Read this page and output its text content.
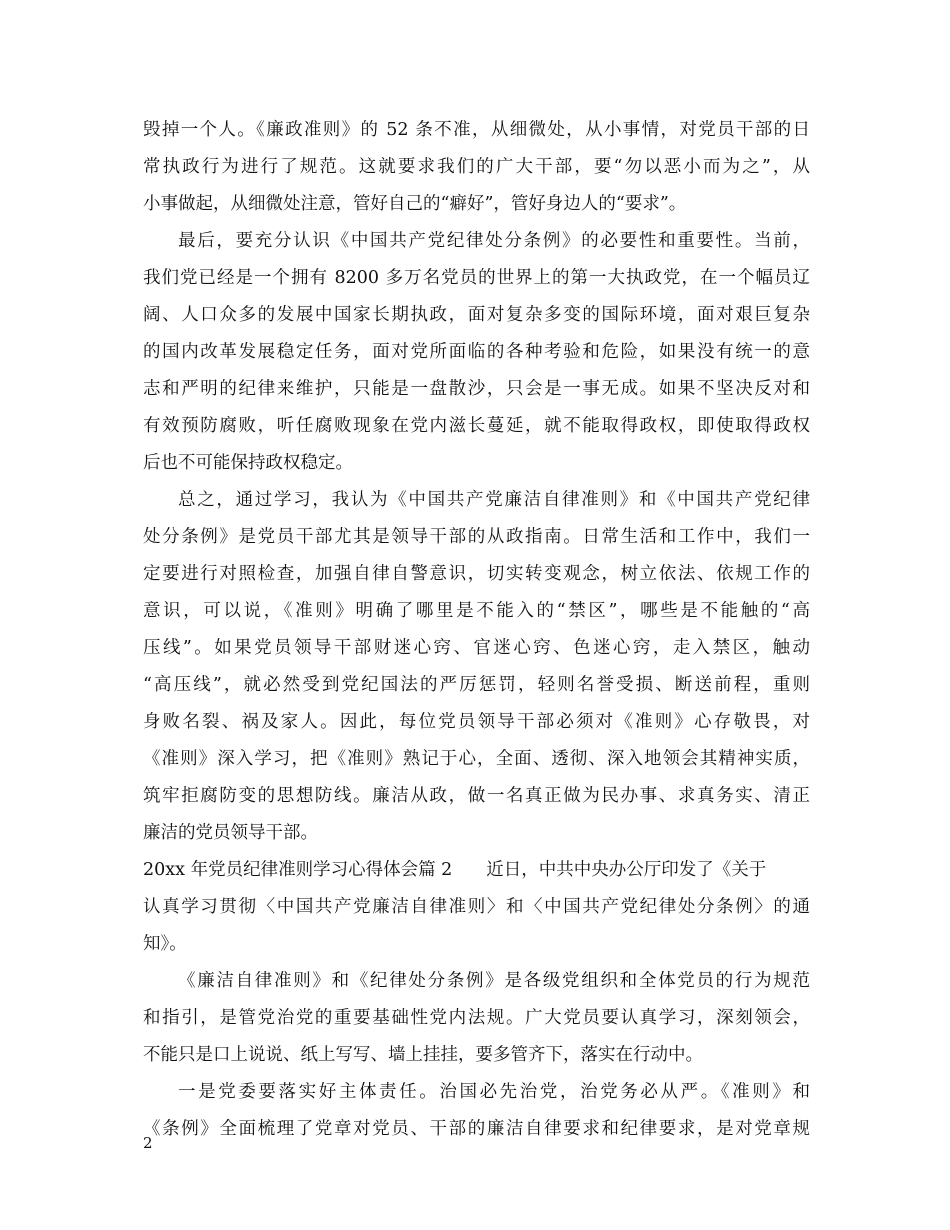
毁掉一个人。《廉政准则》的 52 条不准，从细微处，从小事情，对党员干部的日
常执政行为进行了规范。这就要求我们的广大干部，要“勿以恶小而为之”，从
小事做起，从细微处注意，管好自己的“癖好”，管好身边人的“要求”。
最后，要充分认识《中国共产党纪律处分条例》的必要性和重要性。当前，
我们党已经是一个拥有 8200 多万名党员的世界上的第一大执政党，在一个幅员辽
阔、人口众多的发展中国家长期执政，面对复杂多变的国际环境，面对艰巨复杂
的国内改革发展稳定任务，面对党所面临的各种考验和危险，如果没有统一的意
志和严明的纪律来维护，只能是一盘散沙，只会是一事无成。如果不坚决反对和
有效预防腐败，听任腐败现象在党内滋长蔓延，就不能取得政权，即使取得政权
后也不可能保持政权稳定。
总之，通过学习，我认为《中国共产党廉洁自律准则》和《中国共产党纪律
处分条例》是党员干部尤其是领导干部的从政指南。日常生活和工作中，我们一
定要进行对照检查，加强自律自警意识，切实转变观念，树立依法、依规工作的
意识，可以说，《准则》明确了哪里是不能入的“禁区”，哪些是不能触的“高
压线”。如果党员领导干部财迷心窍、官迷心窍、色迷心窍，走入禁区，触动
“高压线”，就必然受到党纪国法的严厉惩罚，轻则名誉受损、断送前程，重则
身败名裂、祸及家人。因此，每位党员领导干部必须对《准则》心存敬畏，对
《准则》深入学习，把《准则》熟记于心，全面、透彻、深入地领会其精神实质，
筑牢拒腐防变的思想防线。廉洁从政，做一名真正做为民办事、求真务实、清正
廉洁的党员领导干部。
20xx 年党员纪律准则学习心得体会篇 2 近日，中共中央办公厅印发了《关于
认真学习贯彻〈中国共产党廉洁自律准则〉和〈中国共产党纪律处分条例〉的通
知》。
《廉洁自律准则》和《纪律处分条例》是各级党组织和全体党员的行为规范
和指引，是管党治党的重要基础性党内法规。广大党员要认真学习，深刻领会，
不能只是口上说说、纸上写写、墙上挂挂，要多管齐下，落实在行动中。
一是党委要落实好主体责任。治国必先治党，治党务必从严。《准则》和
《条例》全面梳理了党章对党员、干部的廉洁自律要求和纪律要求，是对党章规
2
